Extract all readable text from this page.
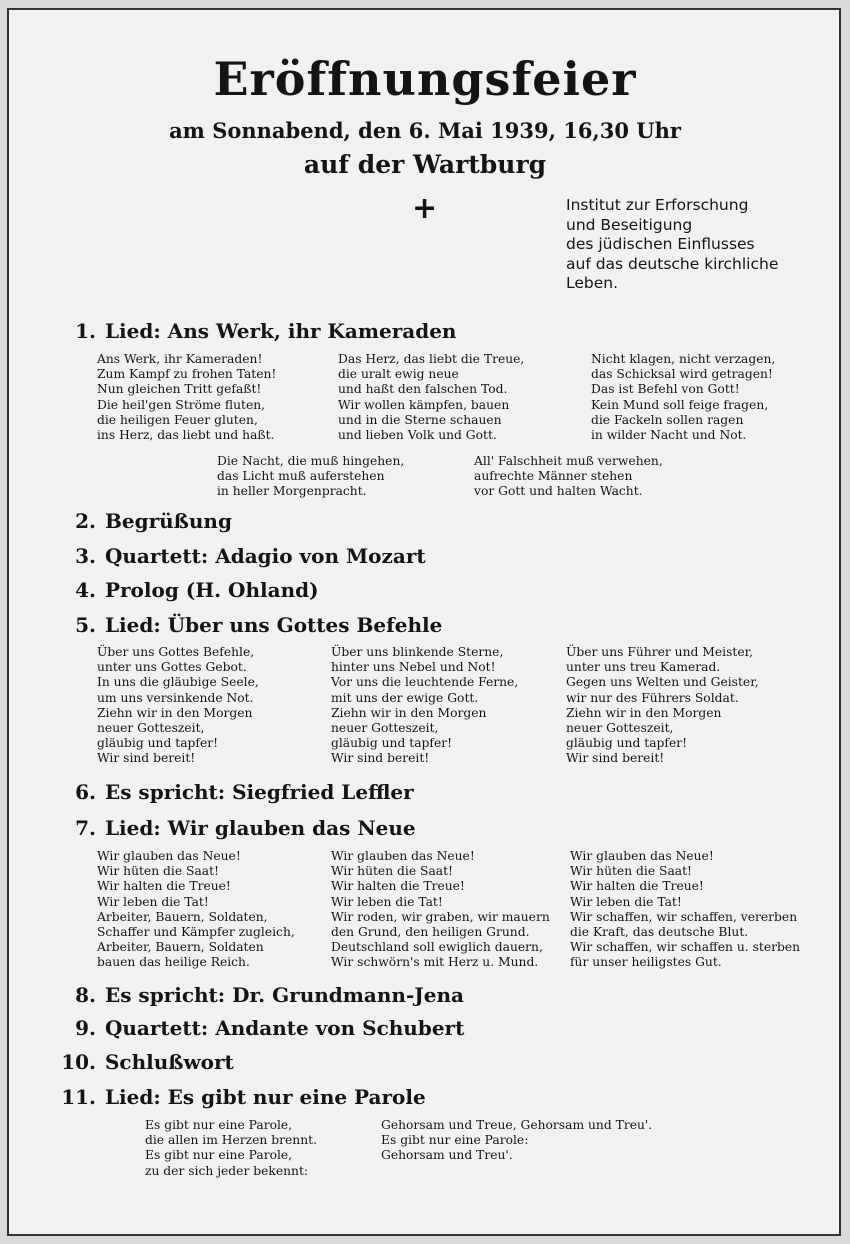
Eröffnungsfeier
am Sonnabend, den 6. Mai 1939, 16,30 Uhr
auf der Wartburg
+	Institut zur Erforschung
und Beseitigung
des jüdischen Einflusses
auf das deutsche kirchliche
Leben.
1. Lied: Ans Werk, ihr Kameraden
Ans Werk, ihr Kameraden!
Zum Kampf zu frohen Taten!
Nun gleichen Tritt gefaßt!
Die heil'gen Ströme fluten,
die heiligen Feuer gluten,
ins Herz, das liebt und haßt.
Das Herz, das liebt die Treue,
die uralt ewig neue
und haßt den falschen Tod.
Wir wollen kämpfen, bauen
und in die Sterne schauen
und lieben Volk und Gott.
Nicht klagen, nicht verzagen,
das Schicksal wird getragen!
Das ist Befehl von Gott!
Kein Mund soll feige fragen,
die Fackeln sollen ragen
in wilder Nacht und Not.
Die Nacht, die muß hingehen,
das Licht muß auferstehen
in heller Morgenpracht.
All' Falschheit muß verwehen,
aufrechte Männer stehen
vor Gott und halten Wacht.
2. Begrüßung
3. Quartett: Adagio von Mozart
4. Prolog (H. Ohland)
5. Lied: Über uns Gottes Befehle
Über uns Gottes Befehle,
unter uns Gottes Gebot.
In uns die gläubige Seele,
um uns versinkende Not.
Ziehn wir in den Morgen
neuer Gotteszeit,
gläubig und tapfer!
Wir sind bereit!
Über uns blinkende Sterne,
hinter uns Nebel und Not!
Vor uns die leuchtende Ferne,
mit uns der ewige Gott.
Ziehn wir in den Morgen
neuer Gotteszeit,
gläubig und tapfer!
Wir sind bereit!
Über uns Führer und Meister,
unter uns treu Kamerad.
Gegen uns Welten und Geister,
wir nur des Führers Soldat.
Ziehn wir in den Morgen
neuer Gotteszeit,
gläubig und tapfer!
Wir sind bereit!
6. Es spricht: Siegfried Leffler
7. Lied: Wir glauben das Neue
Wir glauben das Neue!
Wir hüten die Saat!
Wir halten die Treue!
Wir leben die Tat!
Arbeiter, Bauern, Soldaten,
Schaffer und Kämpfer zugleich,
Arbeiter, Bauern, Soldaten
bauen das heilige Reich.
Wir glauben das Neue!
Wir hüten die Saat!
Wir halten die Treue!
Wir leben die Tat!
Wir roden, wir graben, wir mauern
den Grund, den heiligen Grund.
Deutschland soll ewiglich dauern,
Wir schwörn's mit Herz u. Mund.
Wir glauben das Neue!
Wir hüten die Saat!
Wir halten die Treue!
Wir leben die Tat!
Wir schaffen, wir schaffen, vererben
die Kraft, das deutsche Blut.
Wir schaffen, wir schaffen u. sterben
für unser heiligstes Gut.
8. Es spricht: Dr. Grundmann-Jena
9. Quartett: Andante von Schubert
10. Schlußwort
11. Lied: Es gibt nur eine Parole
Es gibt nur eine Parole,
die allen im Herzen brennt.
Es gibt nur eine Parole,
zu der sich jeder bekennt:
Gehorsam und Treue, Gehorsam und Treu'.
Es gibt nur eine Parole:
Gehorsam und Treu'.
